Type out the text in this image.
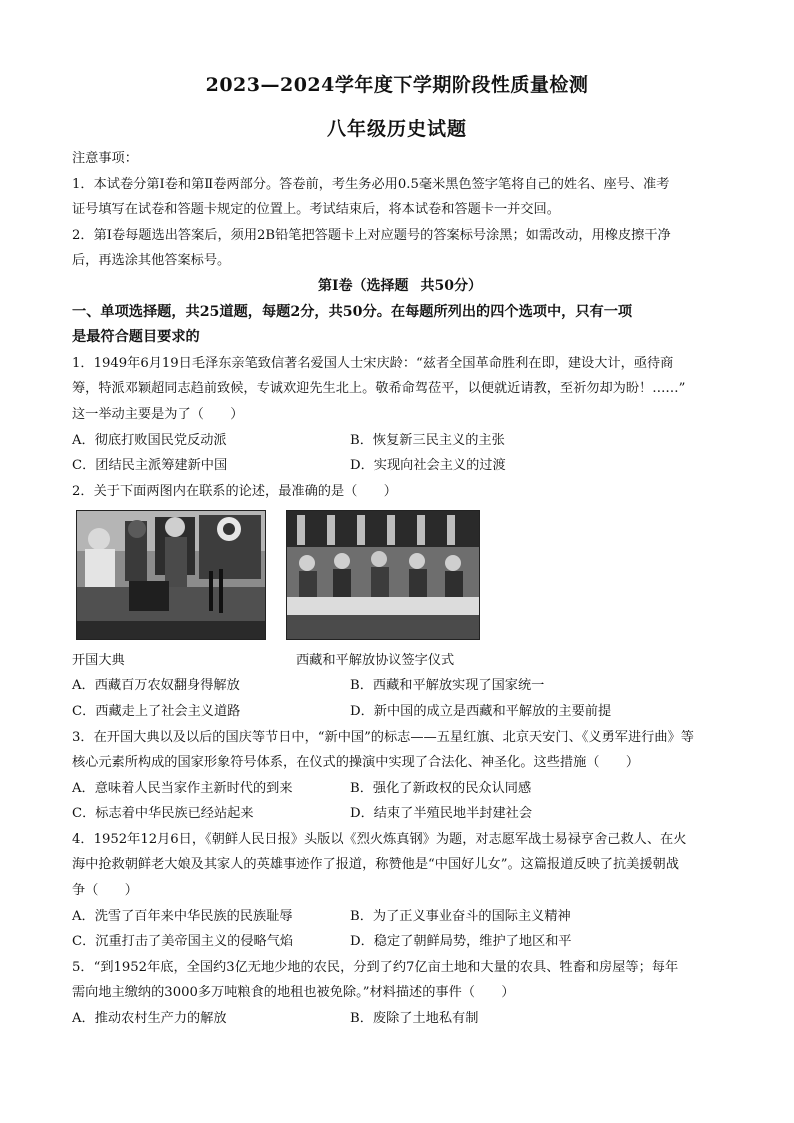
2023—2024学年度下学期阶段性质量检测
八年级历史试题

注意事项：

1．本试卷分第Ⅰ卷和第Ⅱ卷两部分。答卷前，考生务必用0.5毫米黑色签字笔将自己的姓名、座号、准考

证号填写在试卷和答题卡规定的位置上。考试结束后，将本试卷和答题卡一并交回。

2．第Ⅰ卷每题选出答案后，须用2B铅笔把答题卡上对应题号的答案标号涂黑；如需改动，用橡皮擦干净

后，再选涂其他答案标号。

第Ⅰ卷（选择题 共50分）

一、单项选择题，共25道题，每题2分，共50分。在每题所列出的四个选项中，只有一项

是最符合题目要求的

1．1949年6月19日毛泽东亲笔致信著名爱国人士宋庆龄：“兹者全国革命胜利在即，建设大计，亟待商

筹，特派邓颖超同志趋前致候，专诚欢迎先生北上。敬希命驾莅平，以便就近请教，至祈勿却为盼！……”

这一举动主要是为了（　　）

A．彻底打败国民党反动派	B．恢复新三民主义的主张
C．团结民主派筹建新中国	D．实现向社会主义的过渡

2．关于下面两图内在联系的论述，最准确的是（　　）

开国大典	西藏和平解放协议签字仪式
A．西藏百万农奴翻身得解放	B．西藏和平解放实现了国家统一
C．西藏走上了社会主义道路	D．新中国的成立是西藏和平解放的主要前提

3．在开国大典以及以后的国庆等节日中，“新中国”的标志——五星红旗、北京天安门、《义勇军进行曲》等

核心元素所构成的国家形象符号体系，在仪式的操演中实现了合法化、神圣化。这些措施（　　）

A．意味着人民当家作主新时代的到来	B．强化了新政权的民众认同感
C．标志着中华民族已经站起来	D．结束了半殖民地半封建社会

4．1952年12月6日，《朝鲜人民日报》头版以《烈火炼真钢》为题，对志愿军战士易禄亨舍己救人、在火

海中抢救朝鲜老大娘及其家人的英雄事迹作了报道，称赞他是“中国好儿女”。这篇报道反映了抗美援朝战

争（　　）

A．洗雪了百年来中华民族的民族耻辱	B．为了正义事业奋斗的国际主义精神
C．沉重打击了美帝国主义的侵略气焰	D．稳定了朝鲜局势，维护了地区和平

5．“到1952年底，全国约3亿无地少地的农民，分到了约7亿亩土地和大量的农具、牲畜和房屋等；每年

需向地主缴纳的3000多万吨粮食的地租也被免除。”材料描述的事件（　　）

A．推动农村生产力的解放	B．废除了土地私有制
